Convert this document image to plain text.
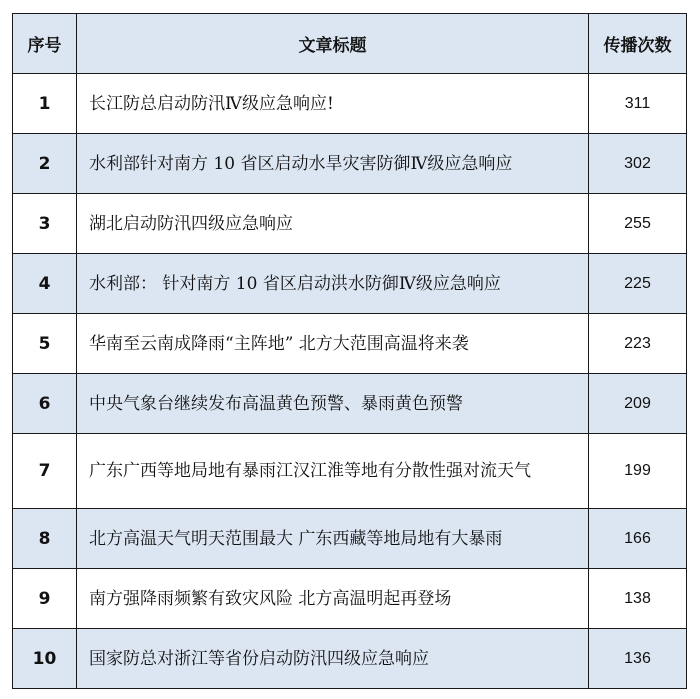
序号	文章标题	传播次数
1	长江防总启动防汛Ⅳ级应急响应!	311
2	水利部针对南方 10 省区启动水旱灾害防御Ⅳ级应急响应	302
3	湖北启动防汛四级应急响应	255
4	水利部： 针对南方 10 省区启动洪水防御Ⅳ级应急响应	225
5	华南至云南成降雨“主阵地” 北方大范围高温将来袭	223
6	中央气象台继续发布高温黄色预警、暴雨黄色预警	209
7	广东广西等地局地有暴雨江汉江淮等地有分散性强对流天气	199
8	北方高温天气明天范围最大 广东西藏等地局地有大暴雨	166
9	南方强降雨频繁有致灾风险 北方高温明起再登场	138
10	国家防总对浙江等省份启动防汛四级应急响应	136
